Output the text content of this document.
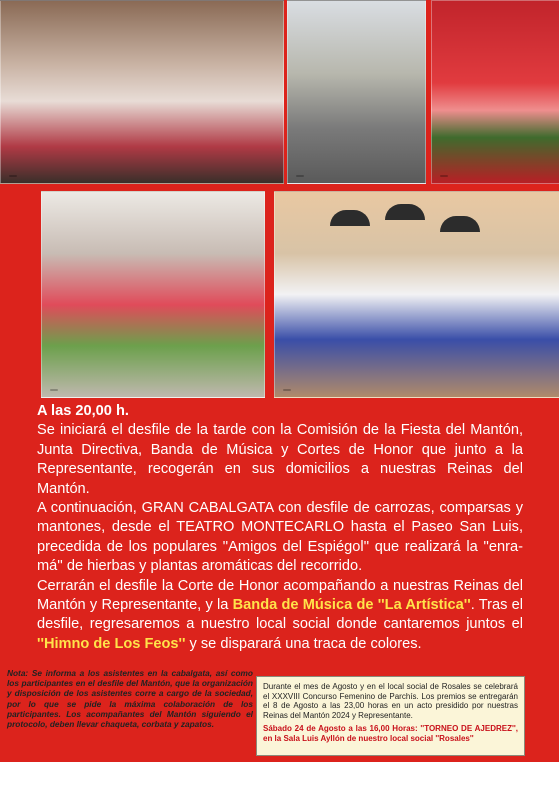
A las 20,00 h.

Se iniciará el desfile de la tarde con la Comisión de la Fiesta del Mantón, Junta Directiva, Banda de Música y Cortes de Honor que junto a la Representante, recogerán en sus domicilios a nuestras Reinas del Mantón.

A continuación, GRAN CABALGATA con desfile de carrozas, comparsas y mantones, desde el TEATRO MONTECARLO hasta el Paseo San Luis, precedida de los populares ''Amigos del Espiégol'' que realizará la ''enra-má'' de hierbas y plantas aromáticas del recorrido.

Cerrarán el desfile la Corte de Honor acompañando a nuestras Reinas del Mantón y Representante, y la Banda de Música de ''La Artística''. Tras el desfile, regresaremos a nuestro local social donde cantaremos juntos el ''Himno de Los Feos'' y se disparará una traca de colores.

Nota: Se informa a los asistentes en la cabalgata, así como los participantes en el desfile del Mantón, que la organización y disposición de los asistentes corre a cargo de la sociedad, por lo que se pide la máxima colaboración de los participantes. Los acompañantes del Mantón siguiendo el protocolo, deben llevar chaqueta, corbata y zapatos.
Durante el mes de Agosto y en el local social de Rosales se celebrará el XXXVIII Concurso Femenino de Parchís. Los premios se entregarán el 8 de Agosto a las 23,00 horas en un acto presidido por nuestras Reinas del Mantón 2024 y Representante.
Sábado 24 de Agosto a las 16,00 Horas: ''TORNEO DE AJEDREZ'', en la Sala Luis Ayllón de nuestro local social ''Rosales''
